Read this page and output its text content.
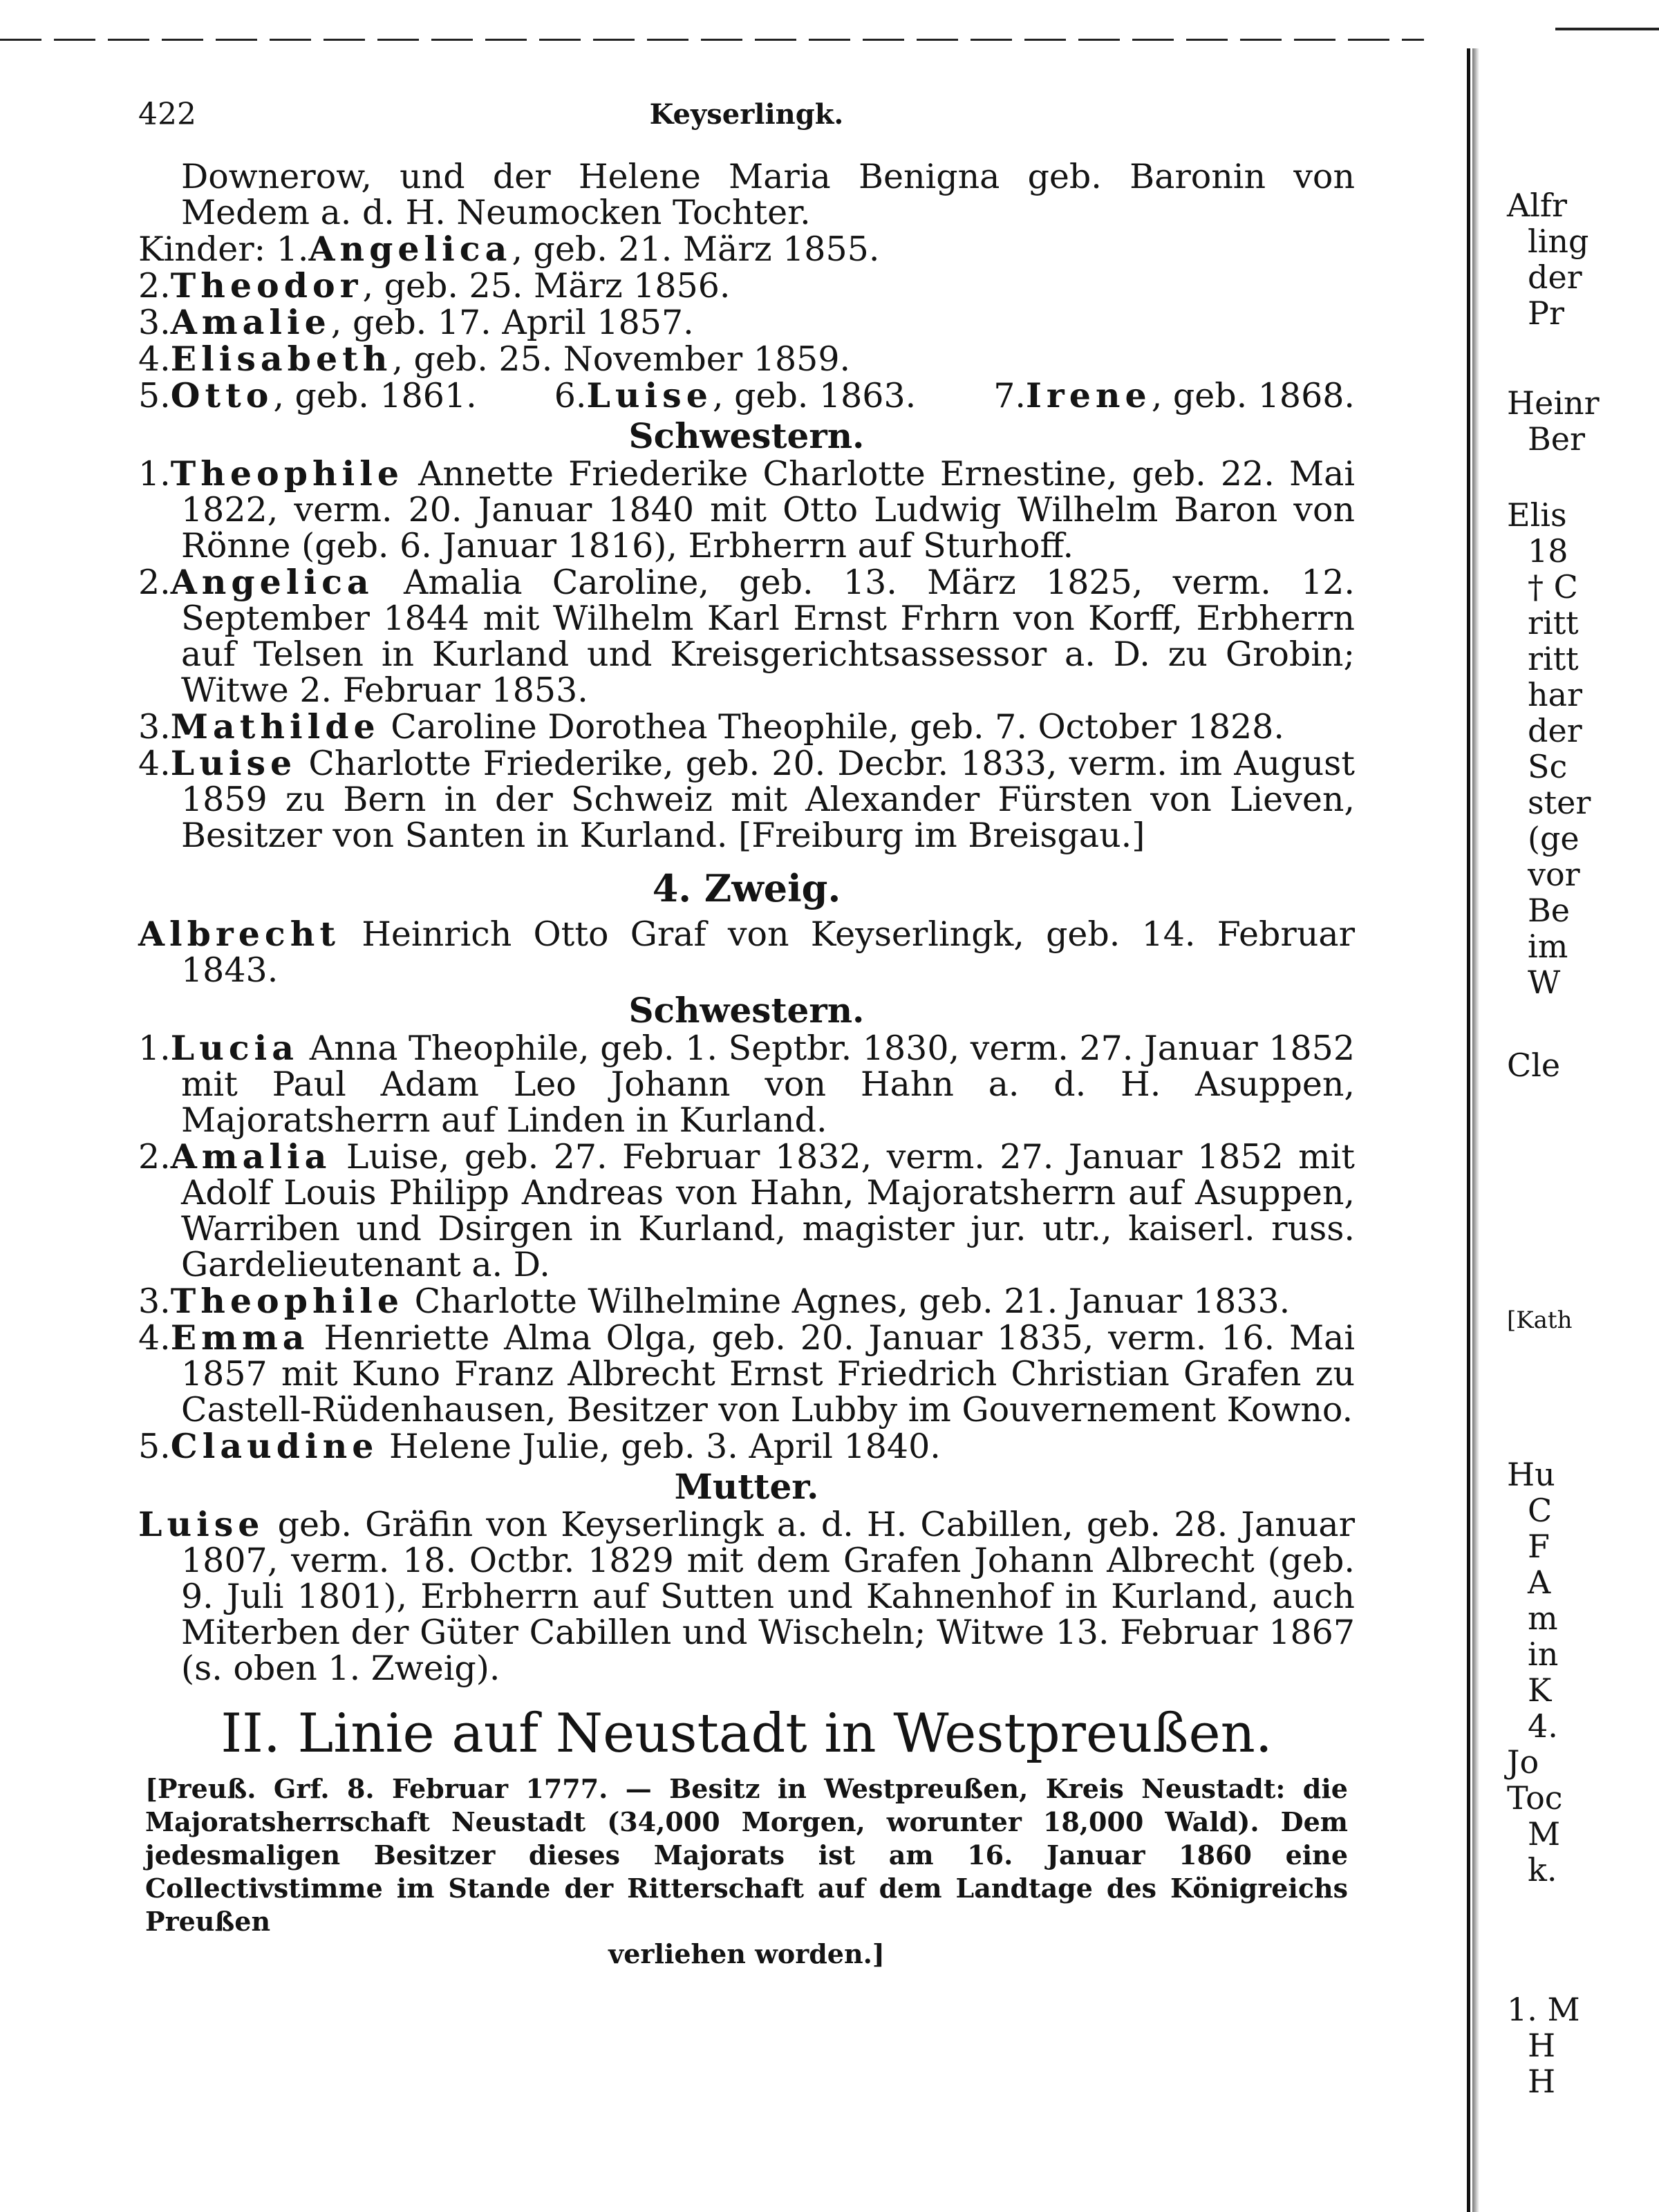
422	Keyserlingk.

Downerow, und der Helene Maria Benigna geb. Baronin von Medem a. d. H. Neumocken Tochter.

Kinder: 1.Angelica, geb. 21. März 1855.

2.Theodor, geb. 25. März 1856.

3.Amalie, geb. 17. April 1857.

4.Elisabeth, geb. 25. November 1859.

5.Otto, geb. 1861. 6.Luise, geb. 1863. 7.Irene, geb. 1868.

Schwestern.

1.Theophile Annette Friederike Charlotte Ernestine, geb. 22. Mai 1822, verm. 20. Januar 1840 mit Otto Ludwig Wilhelm Baron von Rönne (geb. 6. Januar 1816), Erbherrn auf Sturhoff.

2.Angelica Amalia Caroline, geb. 13. März 1825, verm. 12. September 1844 mit Wilhelm Karl Ernst Frhrn von Korff, Erbherrn auf Telsen in Kurland und Kreisgerichtsassessor a. D. zu Grobin; Witwe 2. Februar 1853.

3.Mathilde Caroline Dorothea Theophile, geb. 7. October 1828.

4.Luise Charlotte Friederike, geb. 20. Decbr. 1833, verm. im August 1859 zu Bern in der Schweiz mit Alexander Fürsten von Lieven, Besitzer von Santen in Kurland. [Freiburg im Breisgau.]

4. Zweig.

Albrecht Heinrich Otto Graf von Keyserlingk, geb. 14. Februar 1843.

Schwestern.

1.Lucia Anna Theophile, geb. 1. Septbr. 1830, verm. 27. Januar 1852 mit Paul Adam Leo Johann von Hahn a. d. H. Asuppen, Majoratsherrn auf Linden in Kurland.

2.Amalia Luise, geb. 27. Februar 1832, verm. 27. Januar 1852 mit Adolf Louis Philipp Andreas von Hahn, Majoratsherrn auf Asuppen, Warriben und Dsirgen in Kurland, magister jur. utr., kaiserl. russ. Gardelieutenant a. D.

3.Theophile Charlotte Wilhelmine Agnes, geb. 21. Januar 1833.

4.Emma Henriette Alma Olga, geb. 20. Januar 1835, verm. 16. Mai 1857 mit Kuno Franz Albrecht Ernst Friedrich Christian Grafen zu Castell-Rüdenhausen, Besitzer von Lubby im Gouvernement Kowno.

5.Claudine Helene Julie, geb. 3. April 1840.

Mutter.

Luise geb. Gräfin von Keyserlingk a. d. H. Cabillen, geb. 28. Januar 1807, verm. 18. Octbr. 1829 mit dem Grafen Johann Albrecht (geb. 9. Juli 1801), Erbherrn auf Sutten und Kahnenhof in Kurland, auch Miterben der Güter Cabillen und Wischeln; Witwe 13. Februar 1867 (s. oben 1. Zweig).

II. Linie auf Neustadt in Westpreußen.

[Preuß. Grf. 8. Februar 1777. — Besitz in Westpreußen, Kreis Neustadt: die Majoratsherrschaft Neustadt (34,000 Morgen, worunter 18,000 Wald). Dem jedesmaligen Besitzer dieses Majorats ist am 16. Januar 1860 eine Collectivstimme im Stande der Ritterschaft auf dem Landtage des Königreichs Preußen

verliehen worden.]
Alfr
ling
der
Pr
Heinr
Ber
Elis
18
† C
ritt
ritt
har
der
Sc
ster
(ge
vor
Be
im
W
Cle
[Kath
Hu
C
F
A
m
in
K
4.
Jo
Toc
M
k.
1. M
H
H
